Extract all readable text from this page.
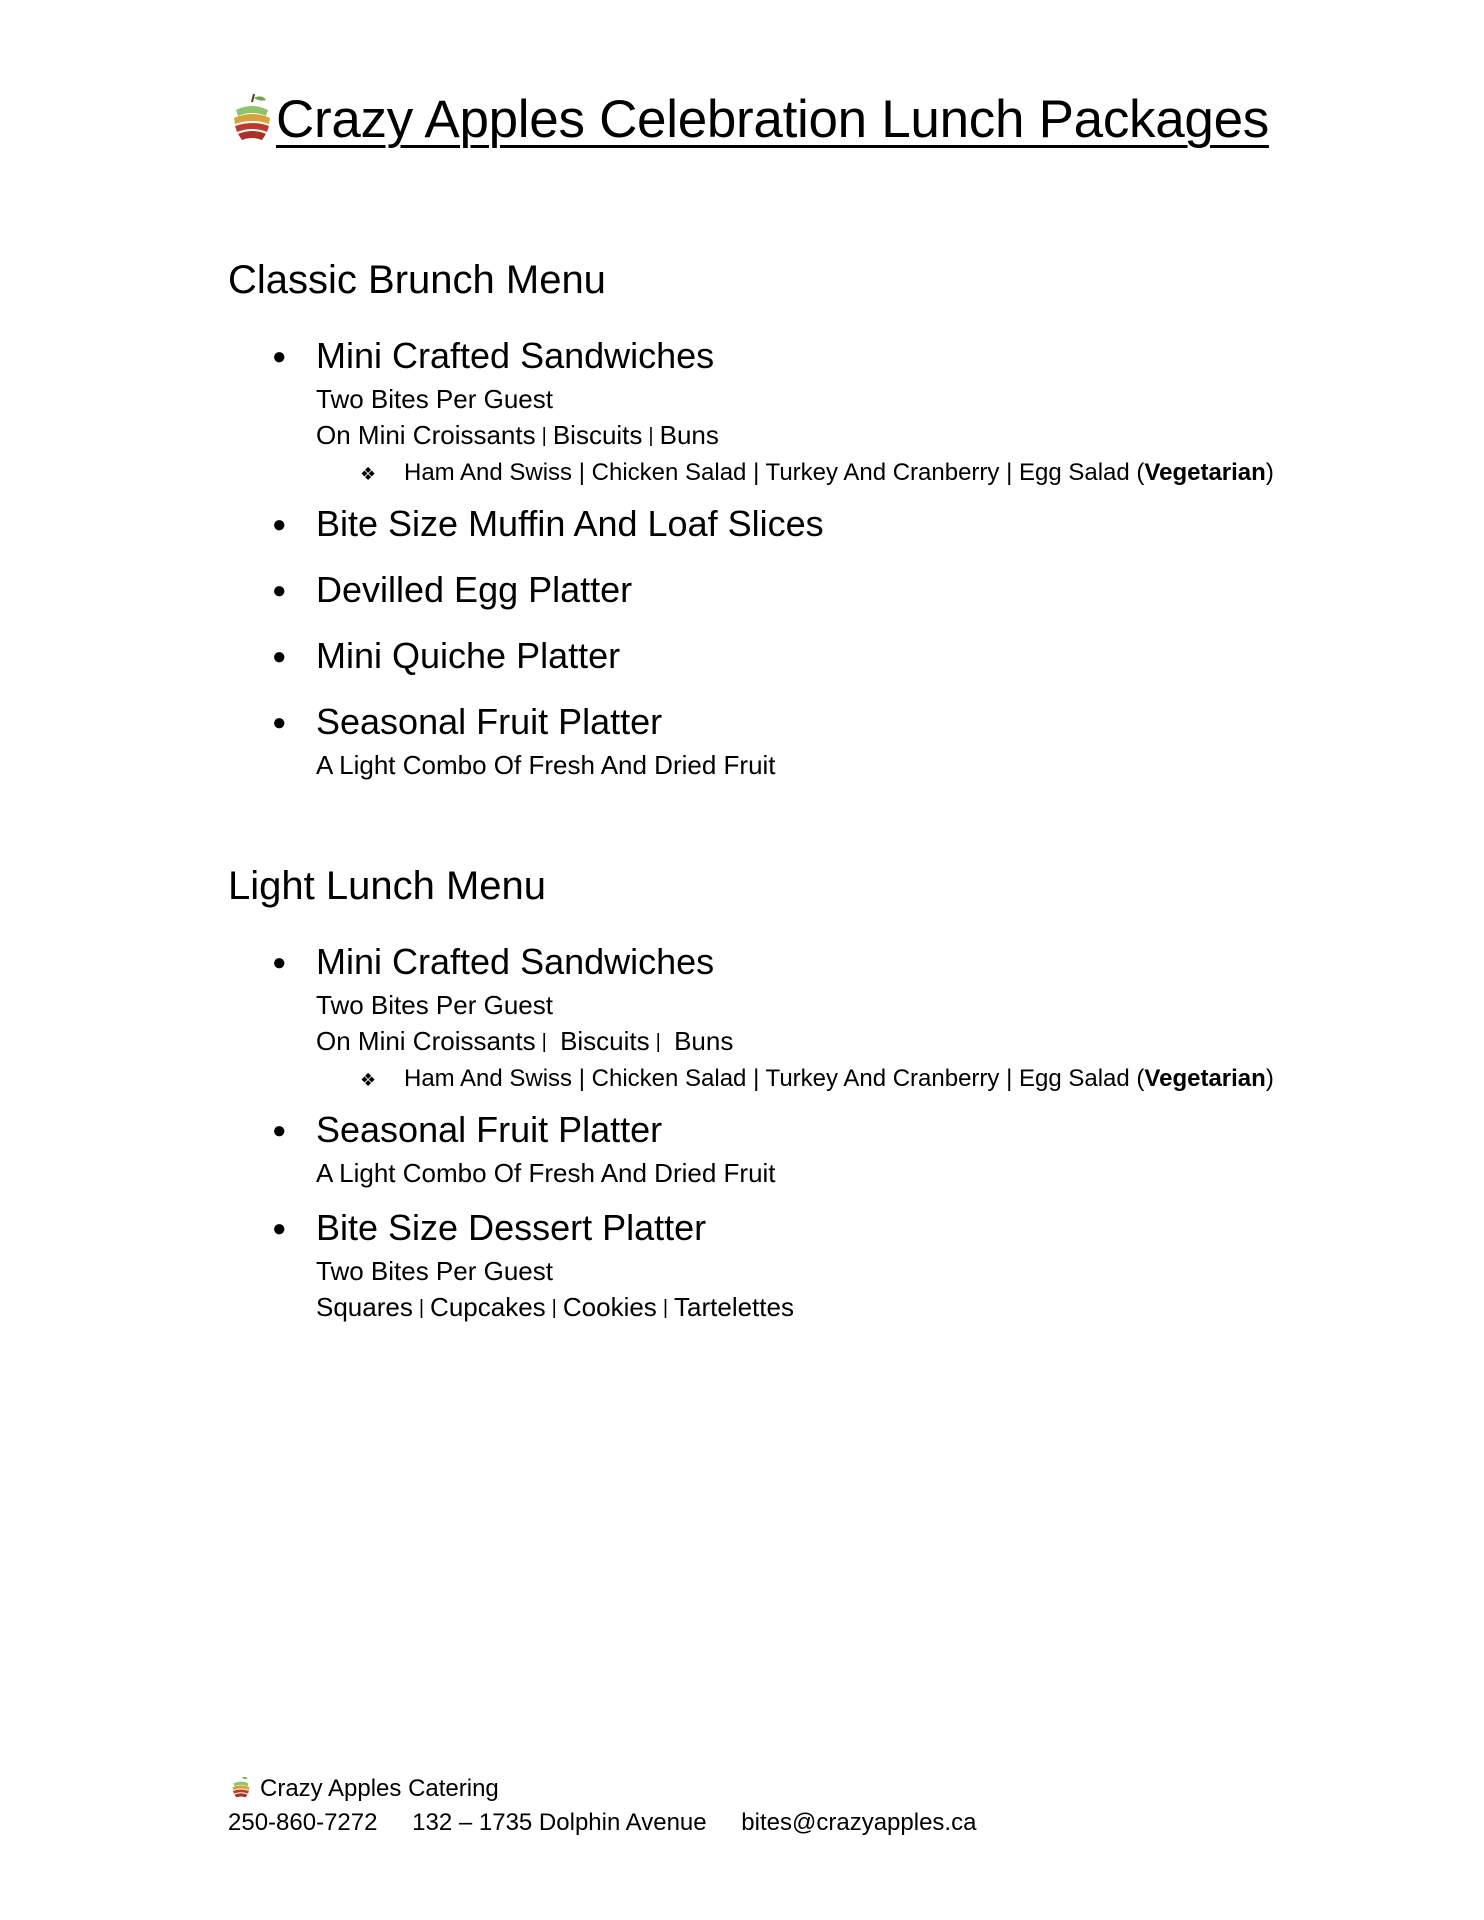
Crazy Apples Celebration Lunch Packages
Classic Brunch Menu
● Mini Crafted Sandwiches
Two Bites Per Guest
On Mini Croissants | Biscuits | Buns
❖	Ham And Swiss | Chicken Salad | Turkey And Cranberry | Egg Salad (Vegetarian)
● Bite Size Muffin And Loaf Slices
● Devilled Egg Platter
● Mini Quiche Platter
● Seasonal Fruit Platter
A Light Combo Of Fresh And Dried Fruit
Light Lunch Menu
● Mini Crafted Sandwiches
Two Bites Per Guest
On Mini Croissants | Biscuits | Buns
❖	Ham And Swiss | Chicken Salad | Turkey And Cranberry | Egg Salad (Vegetarian)
● Seasonal Fruit Platter
A Light Combo Of Fresh And Dried Fruit
● Bite Size Dessert Platter
Two Bites Per Guest
Squares | Cupcakes | Cookies | Tartelettes
Crazy Apples Catering
250-860-7272 132 – 1735 Dolphin Avenue bites@crazyapples.ca
